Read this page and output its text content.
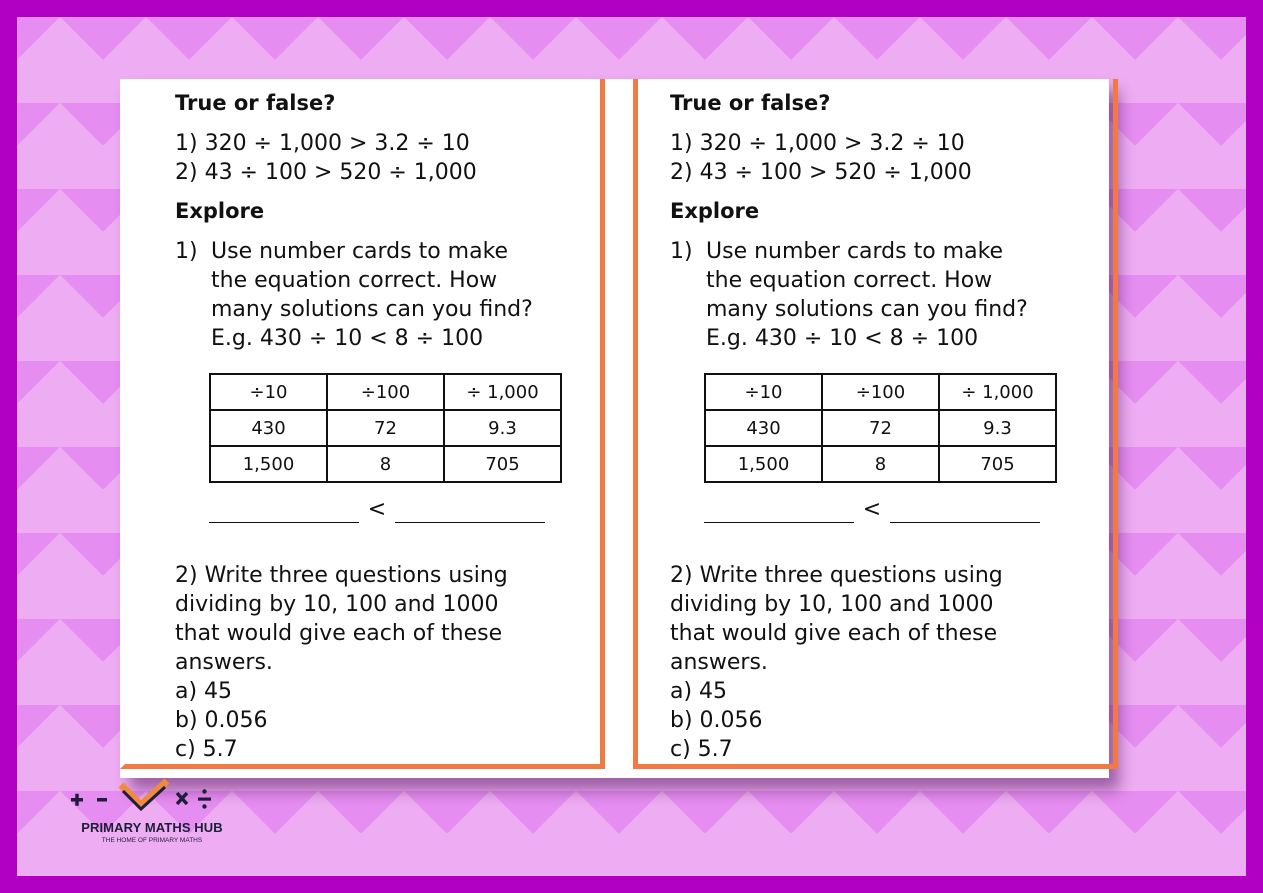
True or false?
1) 320 ÷ 1,000 > 3.2 ÷ 10
2) 43 ÷ 100 > 520 ÷ 1,000
Explore
1) Use number cards to make
the equation correct. How
many solutions can you find?
E.g. 430 ÷ 10 < 8 ÷ 100
÷10	÷100	÷ 1,000
430	72	9.3
1,500	8	705
<
2) Write three questions using
dividing by 10, 100 and 1000
that would give each of these
answers.
a) 45
b) 0.056
c) 5.7
True or false?
1) 320 ÷ 1,000 > 3.2 ÷ 10
2) 43 ÷ 100 > 520 ÷ 1,000
Explore
1) Use number cards to make
the equation correct. How
many solutions can you find?
E.g. 430 ÷ 10 < 8 ÷ 100
÷10	÷100	÷ 1,000
430	72	9.3
1,500	8	705
<
2) Write three questions using
dividing by 10, 100 and 1000
that would give each of these
answers.
a) 45
b) 0.056
c) 5.7
PRIMARY MATHS HUB
THE HOME OF PRIMARY MATHS
